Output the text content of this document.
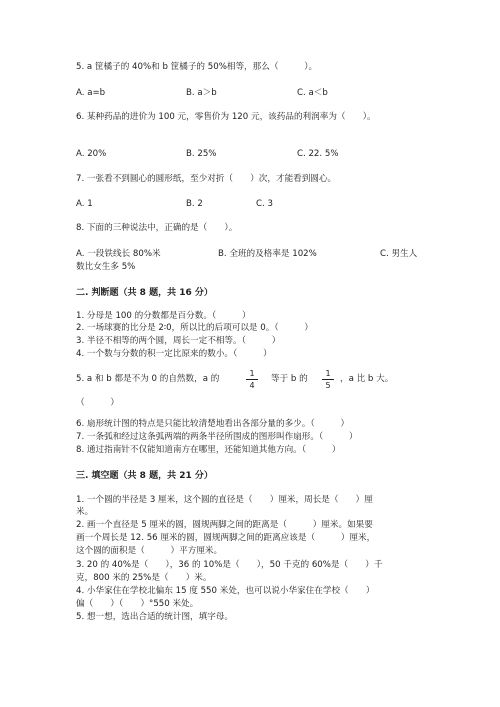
5. a 筐橘子的 40%和 b 筐橘子的 50%相等，那么（　　　）。
A. a=b	B. a＞b	C. a＜b
6. 某种药品的进价为 100 元，零售价为 120 元，该药品的利润率为（　　）。
A. 20%	B. 25%	C. 22. 5%
7. 一张看不到圆心的圆形纸，至少对折（　　）次，才能看到圆心。
A. 1	B. 2	C. 3
8. 下面的三种说法中，正确的是（　　）。
A. 一段铁线长 80%米	B. 全班的及格率是 102%	C. 男生人
数比女生多 5%
二. 判断题（共 8 题，共 16 分）
1. 分母是 100 的分数都是百分数。（　　　）
2. 一场球赛的比分是 2∶0，所以比的后项可以是 0。（　　　）
3. 半径不相等的两个圆，周长一定不相等。（　　　）
4. 一个数与分数的积一定比原来的数小。（　　　）
5. a 和 b 都是不为 0 的自然数，a 的
1
4
等于 b 的
1
5
，a 比 b 大。
（　　　）
6. 扇形统计图的特点是只能比较清楚地看出各部分量的多少。（　　　）
7. 一条弧和经过这条弧两端的两条半径所围成的图形叫作扇形。（　　　）
8. 通过指南针不仅能知道南方在哪里，还能知道其他方向。（　　　）
三. 填空题（共 8 题，共 21 分）
1. 一个圆的半径是 3 厘米，这个圆的直径是（　　）厘米，周长是（　　）厘
米。
2. 画一个直径是 5 厘米的圆，圆规两脚之间的距离是（　　　）厘米。如果要
画一个周长是 12. 56 厘米的圆，圆规两脚之间的距离应该是（　　　）厘米，
这个圆的面积是（　　　）平方厘米。
3. 20 的 40%是（　　），36 的 10%是（　　），50 千克的 60%是（　　）千
克，800 米的 25%是（　　）米。
4. 小华家住在学校北偏东 15 度 550 米处，也可以说小华家住在学校（　　）
偏（　　）（　　）°550 米处。
5. 想一想，选出合适的统计图，填字母。
